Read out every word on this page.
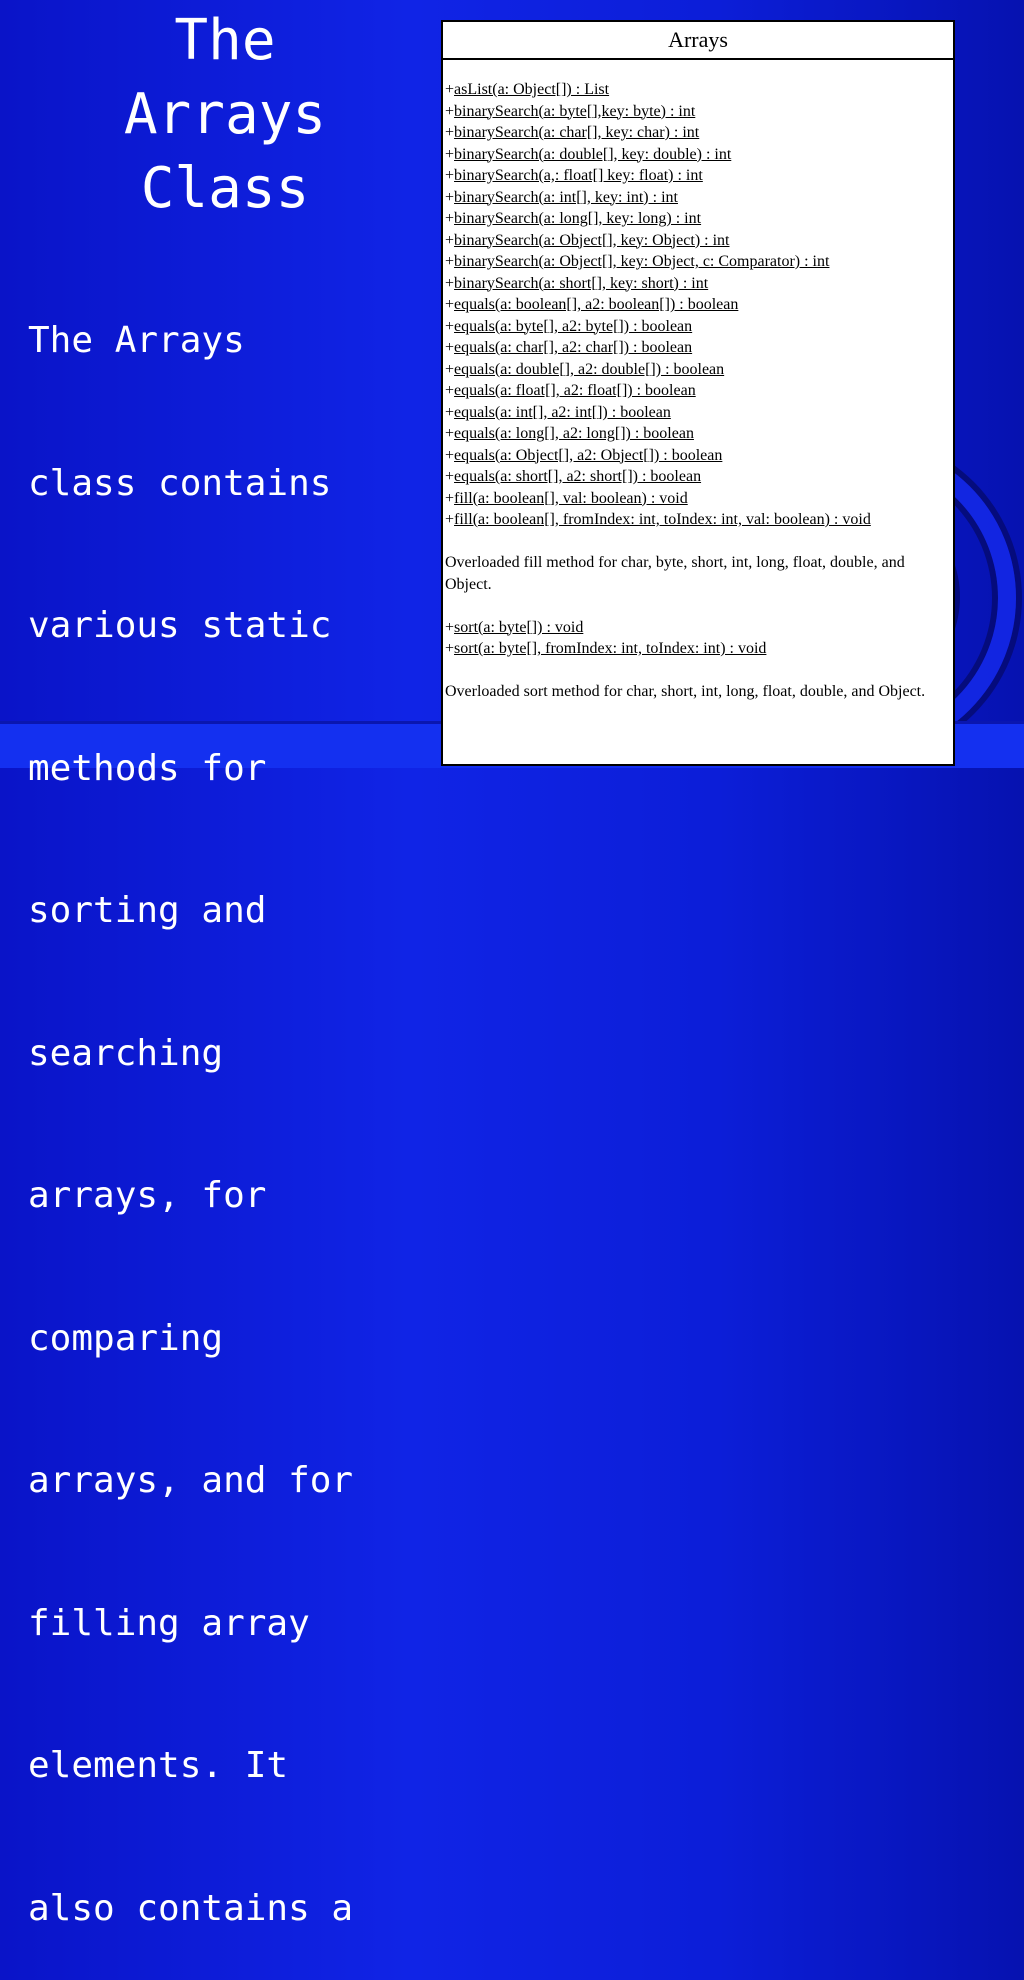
The
Arrays
Class

The Arrays

class contains

various static

methods for

sorting and

searching

arrays, for

comparing

arrays, and for

filling array

elements. It

also contains a

Arrays
+asList(a: Object[]) : List
+binarySearch(a: byte[],key: byte) : int
+binarySearch(a: char[], key: char) : int
+binarySearch(a: double[], key: double) : int
+binarySearch(a,: float[] key: float) : int
+binarySearch(a: int[], key: int) : int
+binarySearch(a: long[], key: long) : int
+binarySearch(a: Object[], key: Object) : int
+binarySearch(a: Object[], key: Object, c: Comparator) : int
+binarySearch(a: short[], key: short) : int
+equals(a: boolean[], a2: boolean[]) : boolean
+equals(a: byte[], a2: byte[]) : boolean
+equals(a: char[], a2: char[]) : boolean
+equals(a: double[], a2: double[]) : boolean
+equals(a: float[], a2: float[]) : boolean
+equals(a: int[], a2: int[]) : boolean
+equals(a: long[], a2: long[]) : boolean
+equals(a: Object[], a2: Object[]) : boolean
+equals(a: short[], a2: short[]) : boolean
+fill(a: boolean[], val: boolean) : void
+fill(a: boolean[], fromIndex: int, toIndex: int, val: boolean) : void
Overloaded fill method for char, byte, short, int, long, float, double, and Object.
+sort(a: byte[]) : void
+sort(a: byte[], fromIndex: int, toIndex: int) : void
Overloaded sort method for char, short, int, long, float, double, and Object.
